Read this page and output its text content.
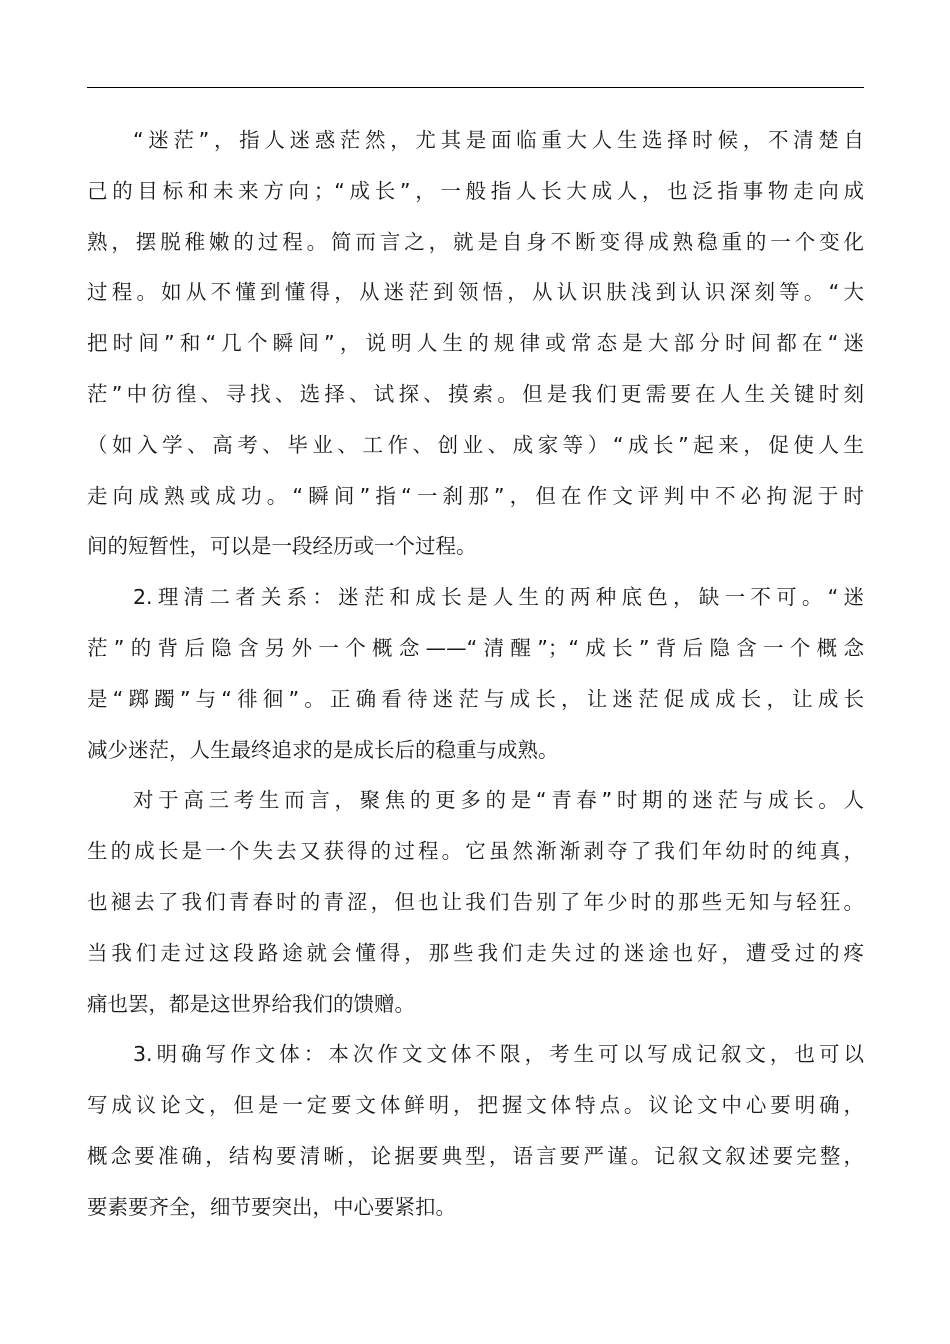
“迷茫”，指人迷惑茫然，尤其是面临重大人生选择时候，不清楚自
己的目标和未来方向；“成长”，一般指人长大成人，也泛指事物走向成
熟，摆脱稚嫩的过程。简而言之，就是自身不断变得成熟稳重的一个变化
过程。如从不懂到懂得，从迷茫到领悟，从认识肤浅到认识深刻等。“大
把时间”和“几个瞬间”，说明人生的规律或常态是大部分时间都在“迷
茫”中彷徨、寻找、选择、试探、摸索。但是我们更需要在人生关键时刻
（如入学、高考、毕业、工作、创业、成家等）“成长”起来，促使人生
走向成熟或成功。“瞬间”指“一刹那”，但在作文评判中不必拘泥于时
间的短暂性，可以是一段经历或一个过程。
2.理清二者关系：迷茫和成长是人生的两种底色，缺一不可。“迷
茫”的背后隐含另外一个概念——“清醒”；“成长”背后隐含一个概念
是“踯躅”与“徘徊”。正确看待迷茫与成长，让迷茫促成成长，让成长
减少迷茫，人生最终追求的是成长后的稳重与成熟。
对于高三考生而言，聚焦的更多的是“青春”时期的迷茫与成长。人
生的成长是一个失去又获得的过程。它虽然渐渐剥夺了我们年幼时的纯真，
也褪去了我们青春时的青涩，但也让我们告别了年少时的那些无知与轻狂。
当我们走过这段路途就会懂得，那些我们走失过的迷途也好，遭受过的疼
痛也罢，都是这世界给我们的馈赠。
3.明确写作文体：本次作文文体不限，考生可以写成记叙文，也可以
写成议论文，但是一定要文体鲜明，把握文体特点。议论文中心要明确，
概念要准确，结构要清晰，论据要典型，语言要严谨。记叙文叙述要完整，
要素要齐全，细节要突出，中心要紧扣。
